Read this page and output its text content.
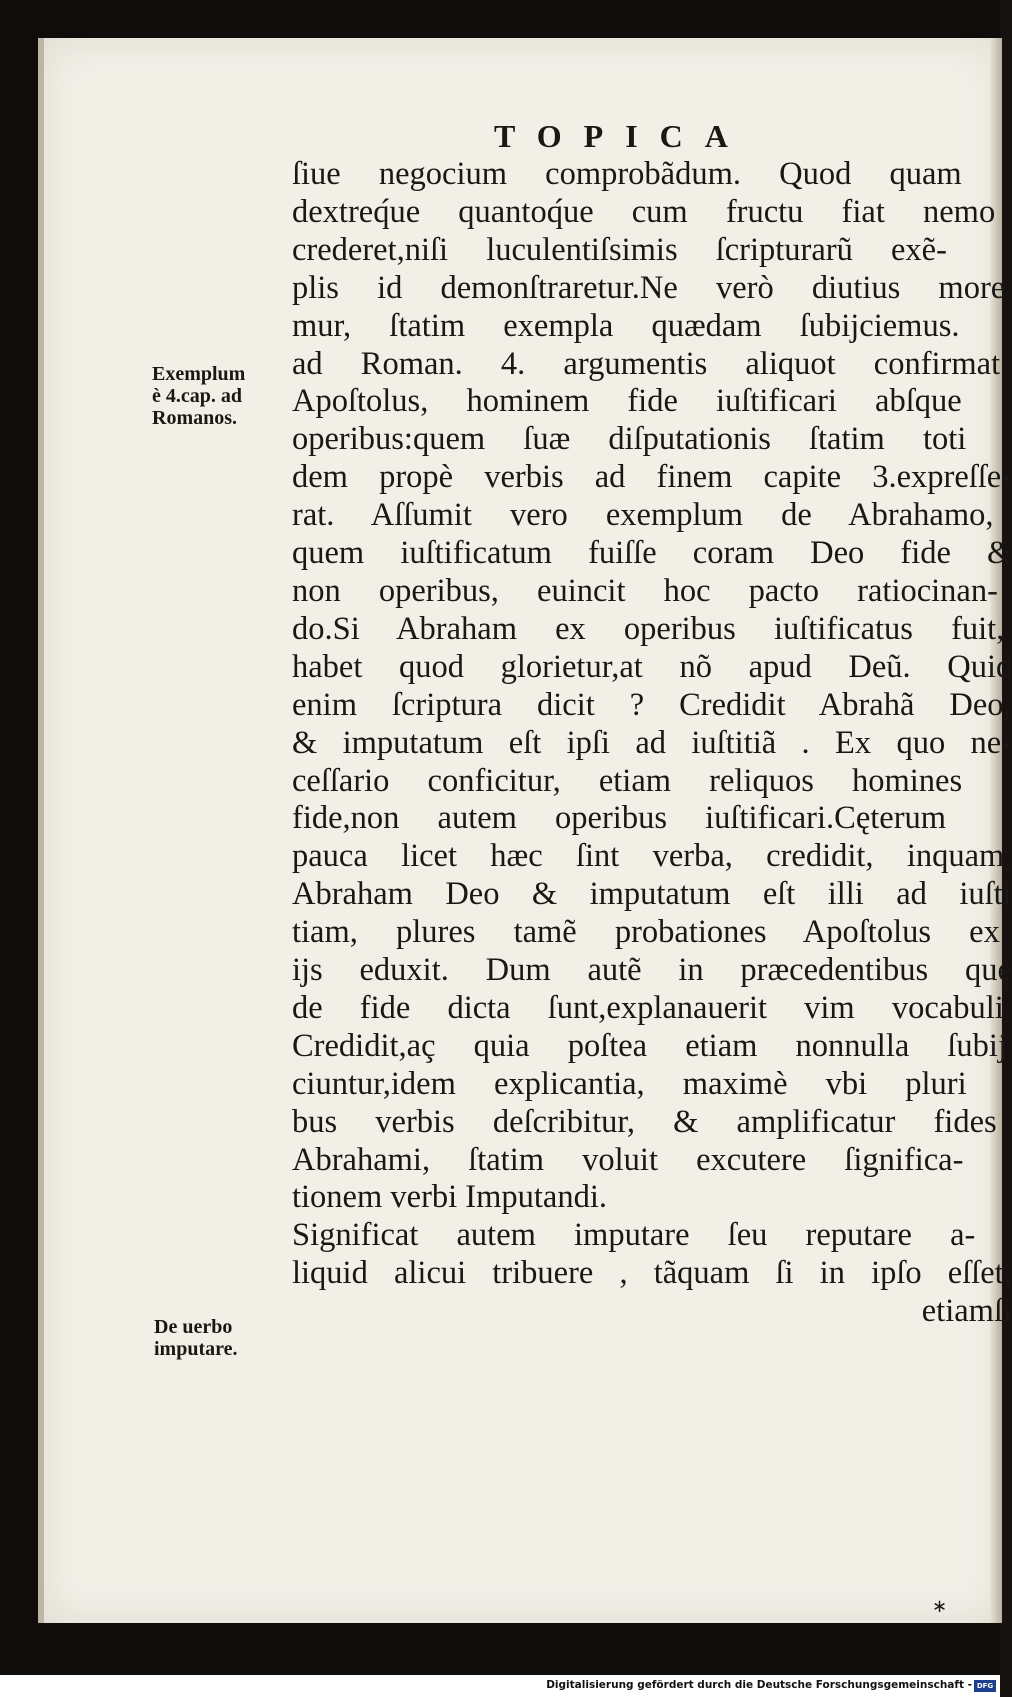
TOPICA
ſiue negocium comprobãdum. Quod quam
dextreq́ue quantoq́ue cum fructu fiat nemo
crederet,niſi luculentiſsimis ſcripturarũ exẽ-
plis id demonſtraretur.Ne verò diutius more
mur, ſtatim exempla quædam ſubijciemus.
ad Roman. 4. argumentis aliquot confirmat
Apoſtolus, hominem fide iuſtificari abſque
operibus:quem ſuæ diſputationis ſtatim toti
dem propè verbis ad finem capite 3.expreſſe-
rat. Aſſumit vero exemplum de Abrahamo,
quem iuſtificatum fuiſſe coram Deo fide &
non operibus, euincit hoc pacto ratiocinan-
do.Si Abraham ex operibus iuſtificatus fuit,
habet quod glorietur,at nõ apud Deũ. Quid
enim ſcriptura dicit ? Credidit Abrahã Deo,
& imputatum eſt ipſi ad iuſtitiã . Ex quo ne-
ceſſario conficitur, etiam reliquos homines
fide,non autem operibus iuſtificari.Cęterum
pauca licet hæc ſint verba, credidit, inquam,
Abraham Deo & imputatum eſt illi ad iuſti
tiam, plures tamẽ probationes Apoſtolus ex
ijs eduxit. Dum autẽ in præcedentibus quę
de fide dicta ſunt,explanauerit vim vocabuli,
Credidit,aç quia poſtea etiam nonnulla ſubij
ciuntur,idem explicantia, maximè vbi pluri
bus verbis deſcribitur, & amplificatur fides
Abrahami, ſtatim voluit excutere ſignifica-
tionem verbi Imputandi.
Significat autem imputare ſeu reputare a-
liquid alicui tribuere , tãquam ſi in ipſo eſſet,
etiamſi
Exemplum
è 4.cap. ad
Romanos.
De uerbo
imputare.
∗
Digitalisierung gefördert durch die Deutsche Forschungsgemeinschaft - DFG
